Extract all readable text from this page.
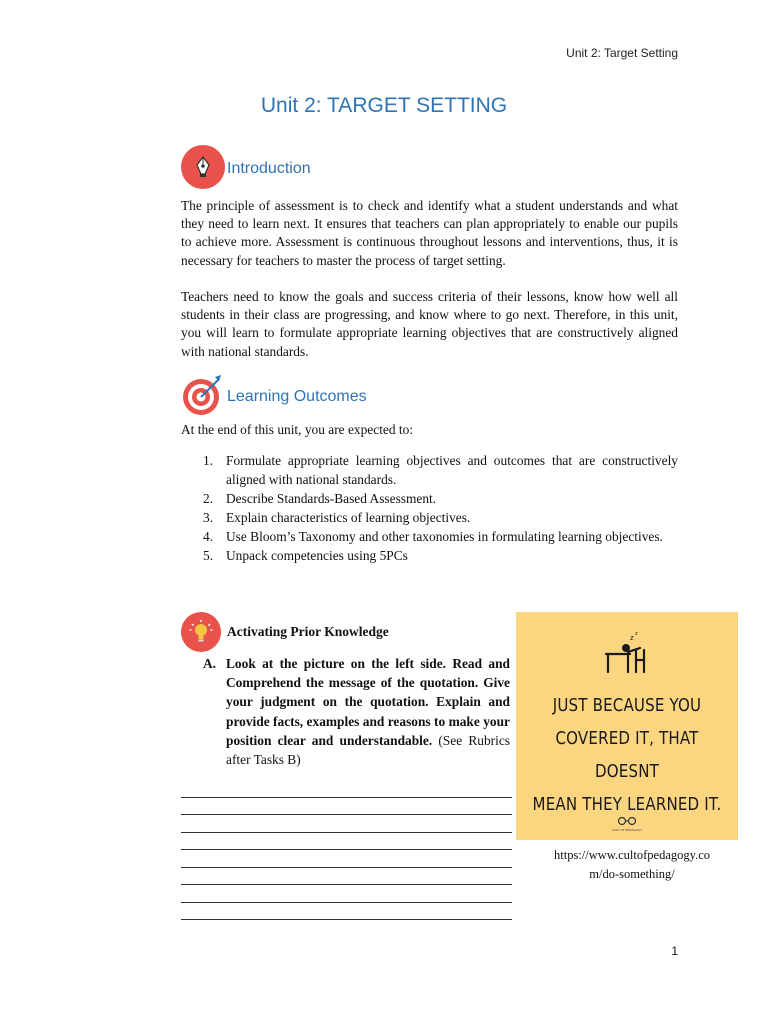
Unit 2: Target Setting
Unit 2: TARGET SETTING
Introduction

The principle of assessment is to check and identify what a student understands and what they need to learn next. It ensures that teachers can plan appropriately to enable our pupils to achieve more. Assessment is continuous throughout lessons and interventions, thus, it is necessary for teachers to master the process of target setting.

Teachers need to know the goals and success criteria of their lessons, know how well all students in their class are progressing, and know where to go next. Therefore, in this unit, you will learn to formulate appropriate learning objectives that are constructively aligned with national standards.

Learning Outcomes

At the end of this unit, you are expected to:

1. Formulate appropriate learning objectives and outcomes that are constructively aligned with national standards.
2. Describe Standards-Based Assessment.
3. Explain characteristics of learning objectives.
4. Use Bloom’s Taxonomy and other taxonomies in formulating learning objectives.
5. Unpack competencies using 5PCs
Activating Prior Knowledge
A. Look at the picture on the left side. Read and Comprehend the message of the quotation. Give your judgment on the quotation. Explain and provide facts, examples and reasons to make your position clear and understandable. (See Rubrics after Tasks B)
z z
JUST BECAUSE YOU
COVERED IT, THAT DOESNT
MEAN THEY LEARNED IT.
CULT OF PEDAGOGY
https://www.cultofpedagogy.co
m/do-something/
1
